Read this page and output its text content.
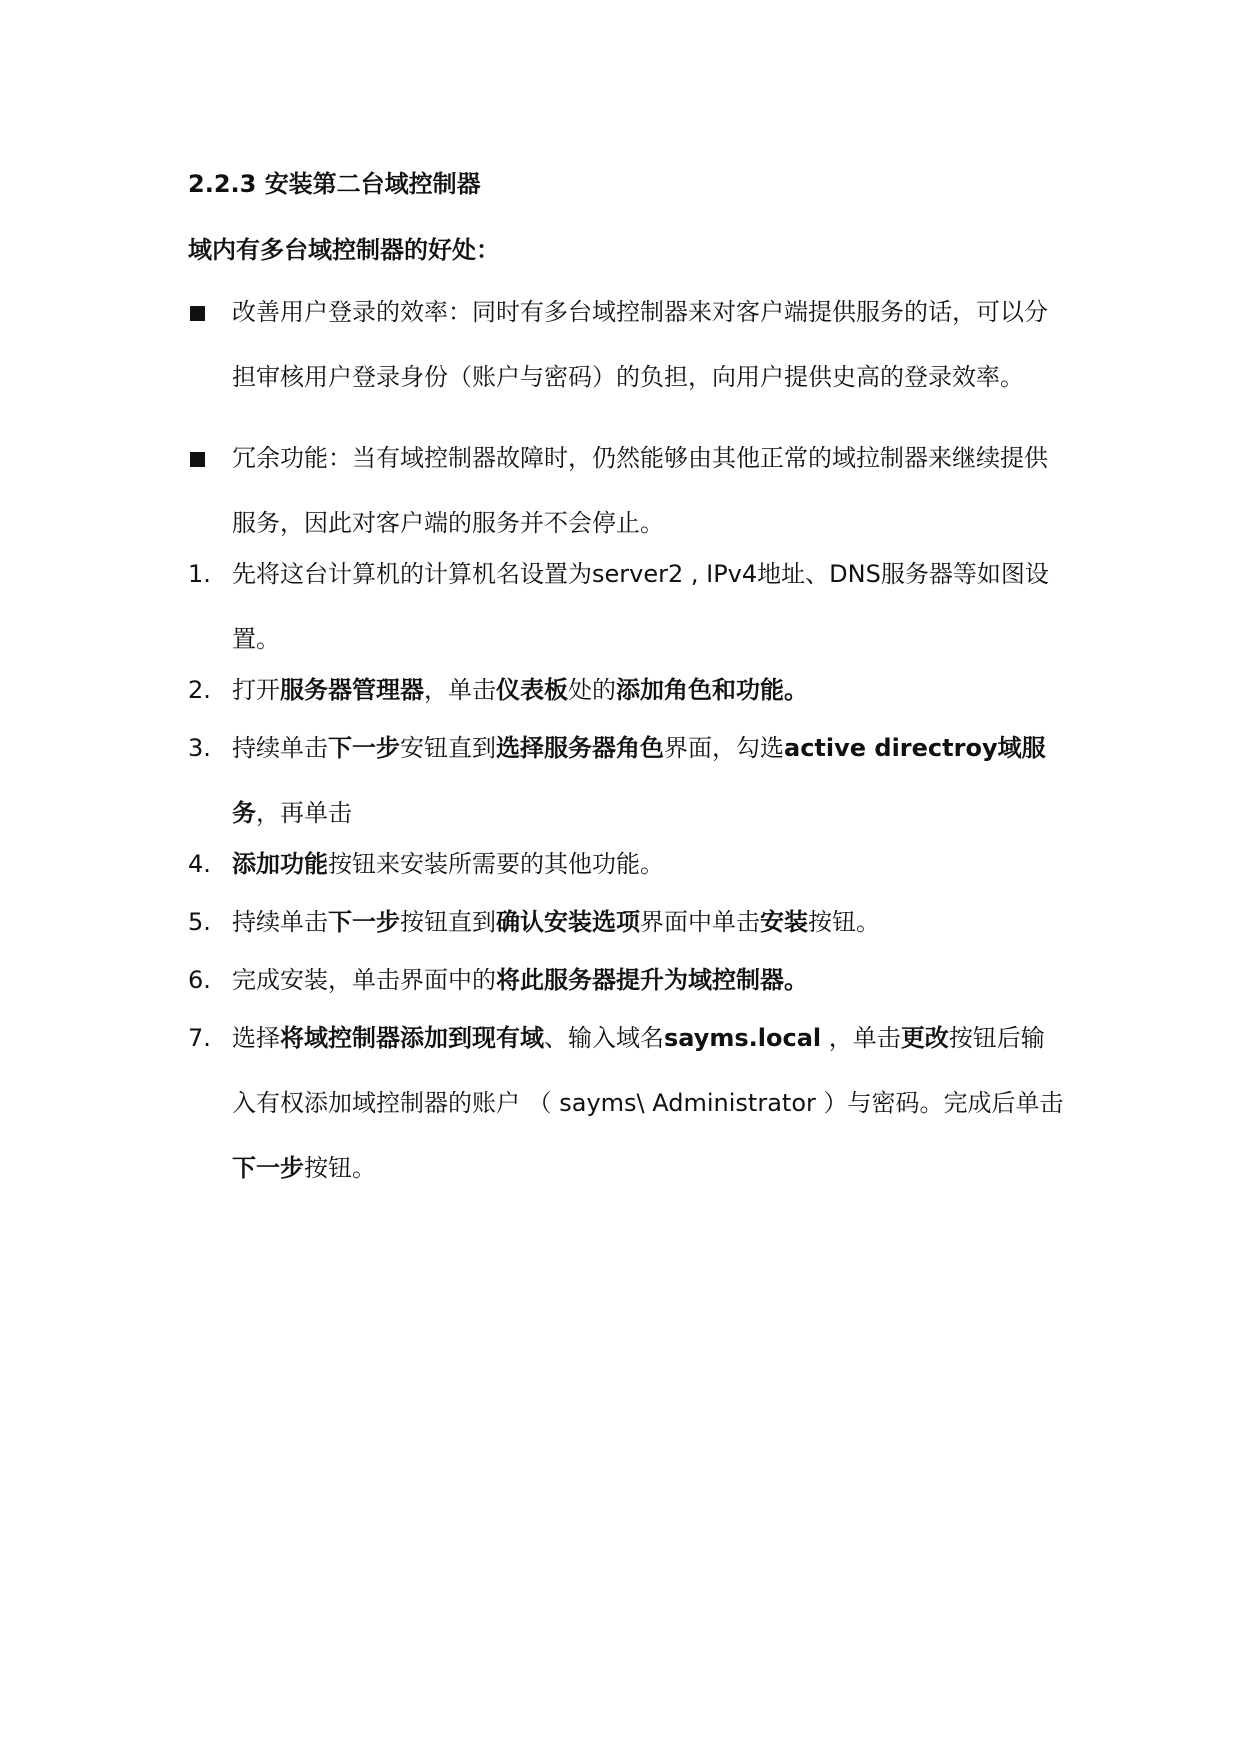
2.2.3 安装第二台域控制器
域内有多台域控制器的好处：
改善用户登录的效率：同时有多台域控制器来对客户端提供服务的话，可以分担审核用户登录身份（账户与密码）的负担，向用户提供史高的登录效率。
冗余功能：当有域控制器故障时，仍然能够由其他正常的域拉制器来继续提供服务，因此对客户端的服务并不会停止。
1. 先将这台计算机的计算机名设置为server2 , IPv4地址、DNS服务器等如图设置。
2. 打开服务器管理器，单击仪表板处的添加角色和功能。
3. 持续单击下一步安钮直到选择服务器角色界面，勾选active directroy域服务，再单击
4. 添加功能按钮来安装所需要的其他功能。
5. 持续单击下一步按钮直到确认安装选项界面中单击安装按钮。
6. 完成安装，单击界面中的将此服务器提升为域控制器。
7. 选择将域控制器添加到现有域、输入域名sayms.local ，单击更改按钮后输入有权添加域控制器的账户 （ sayms\ Administrator ）与密码。完成后单击下一步按钮。
